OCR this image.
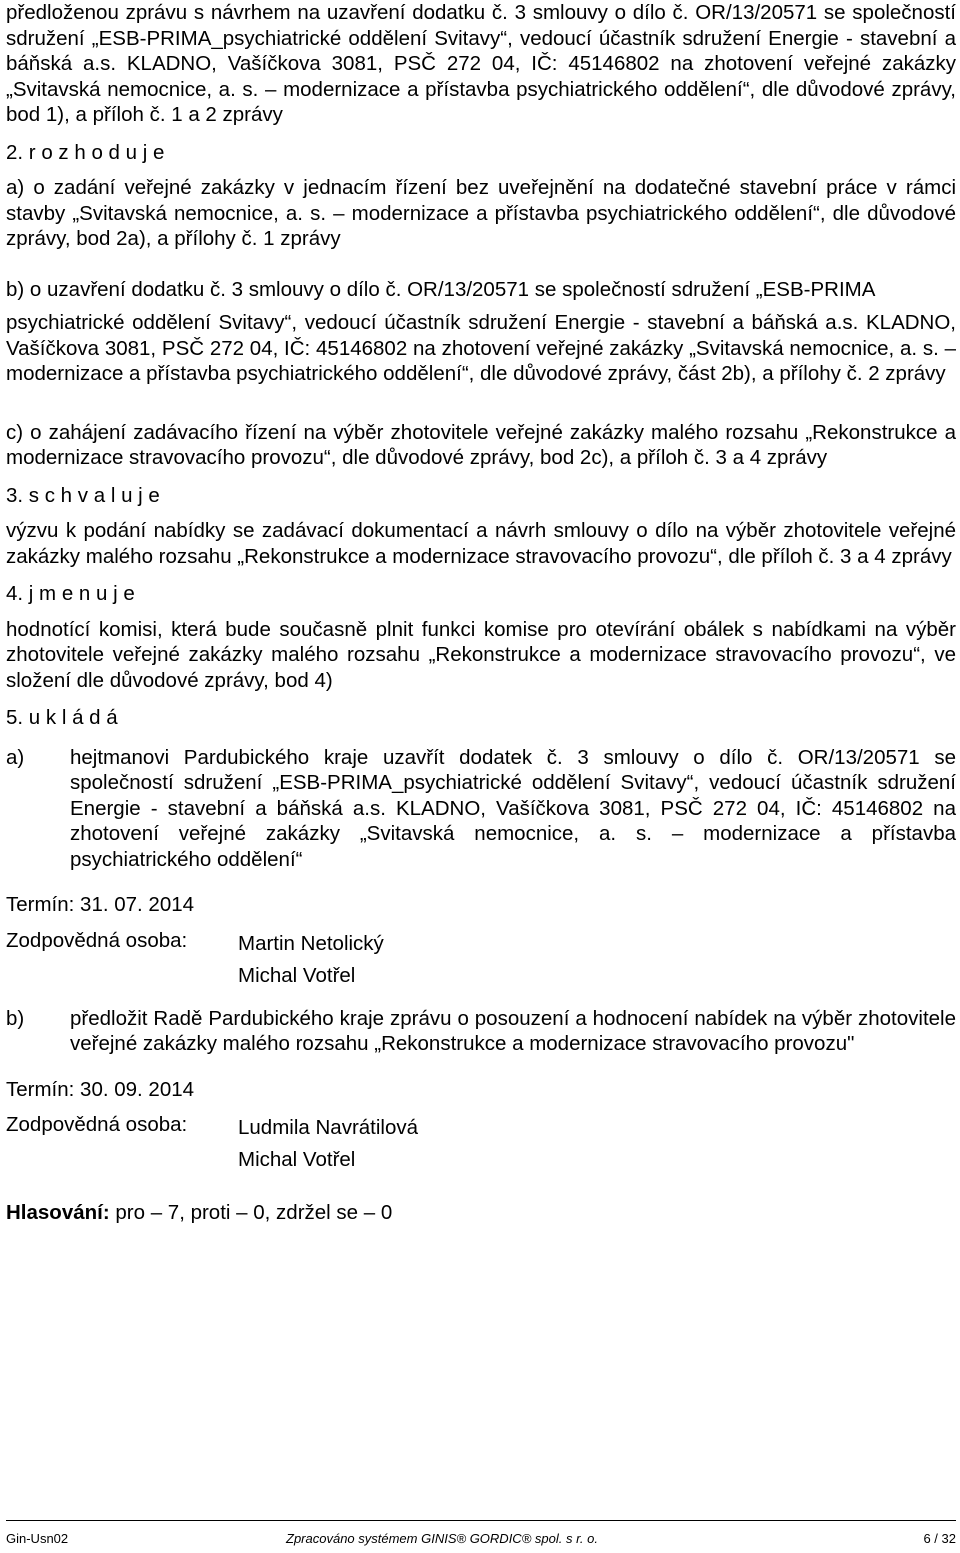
předloženou zprávu s návrhem na uzavření dodatku č. 3 smlouvy o dílo č. OR/13/20571 se společností sdružení „ESB-PRIMA_psychiatrické oddělení Svitavy“, vedoucí účastník sdružení Energie - stavební a báňská a.s. KLADNO, Vašíčkova 3081, PSČ 272 04, IČ: 45146802 na zhotovení veřejné zakázky „Svitavská nemocnice, a. s. – modernizace a přístavba psychiatrického oddělení“, dle důvodové zprávy, bod 1), a příloh č. 1 a 2 zprávy

2. r o z h o d u j e

a) o zadání veřejné zakázky v jednacím řízení bez uveřejnění na dodatečné stavební práce v rámci stavby „Svitavská nemocnice, a. s. – modernizace a přístavba psychiatrického oddělení“, dle důvodové zprávy, bod 2a), a přílohy č. 1 zprávy

b) o uzavření dodatku č. 3 smlouvy o dílo č. OR/13/20571 se společností sdružení „ESB-PRIMA

psychiatrické oddělení Svitavy“, vedoucí účastník sdružení Energie - stavební a báňská a.s. KLADNO, Vašíčkova 3081, PSČ 272 04, IČ: 45146802 na zhotovení veřejné zakázky „Svitavská nemocnice, a. s. – modernizace a přístavba psychiatrického oddělení“, dle důvodové zprávy, část 2b), a přílohy č. 2 zprávy

c) o zahájení zadávacího řízení na výběr zhotovitele veřejné zakázky malého rozsahu „Rekonstrukce a modernizace stravovacího provozu“, dle důvodové zprávy, bod 2c), a příloh č. 3 a 4 zprávy

3. s c h v a l u j e

výzvu k podání nabídky se zadávací dokumentací a návrh smlouvy o dílo na výběr zhotovitele veřejné zakázky malého rozsahu „Rekonstrukce a modernizace stravovacího provozu“, dle příloh č. 3 a 4 zprávy

4. j m e n u j e

hodnotící komisi, která bude současně plnit funkci komise pro otevírání obálek s nabídkami na výběr zhotovitele veřejné zakázky malého rozsahu „Rekonstrukce a modernizace stravovacího provozu“, ve složení dle důvodové zprávy, bod 4)

5. u k l á d á

a)	hejtmanovi Pardubického kraje uzavřít dodatek č. 3 smlouvy o dílo č. OR/13/20571 se společností sdružení „ESB-PRIMA_psychiatrické oddělení Svitavy“, vedoucí účastník sdružení Energie - stavební a báňská a.s. KLADNO, Vašíčkova 3081, PSČ 272 04, IČ: 45146802 na zhotovení veřejné zakázky „Svitavská nemocnice, a. s. – modernizace a přístavba psychiatrického oddělení“

Termín: 31. 07. 2014

Zodpovědná osoba:	Martin Netolický
Michal Votřel
b)	předložit Radě Pardubického kraje zprávu o posouzení a hodnocení nabídek na výběr zhotovitele veřejné zakázky malého rozsahu „Rekonstrukce a modernizace stravovacího provozu"

Termín: 30. 09. 2014

Zodpovědná osoba:	Ludmila Navrátilová
Michal Votřel

Hlasování: pro – 7, proti – 0, zdržel se – 0

Gin-Usn02	Zpracováno systémem GINIS® GORDIC® spol. s r. o.	6 / 32
